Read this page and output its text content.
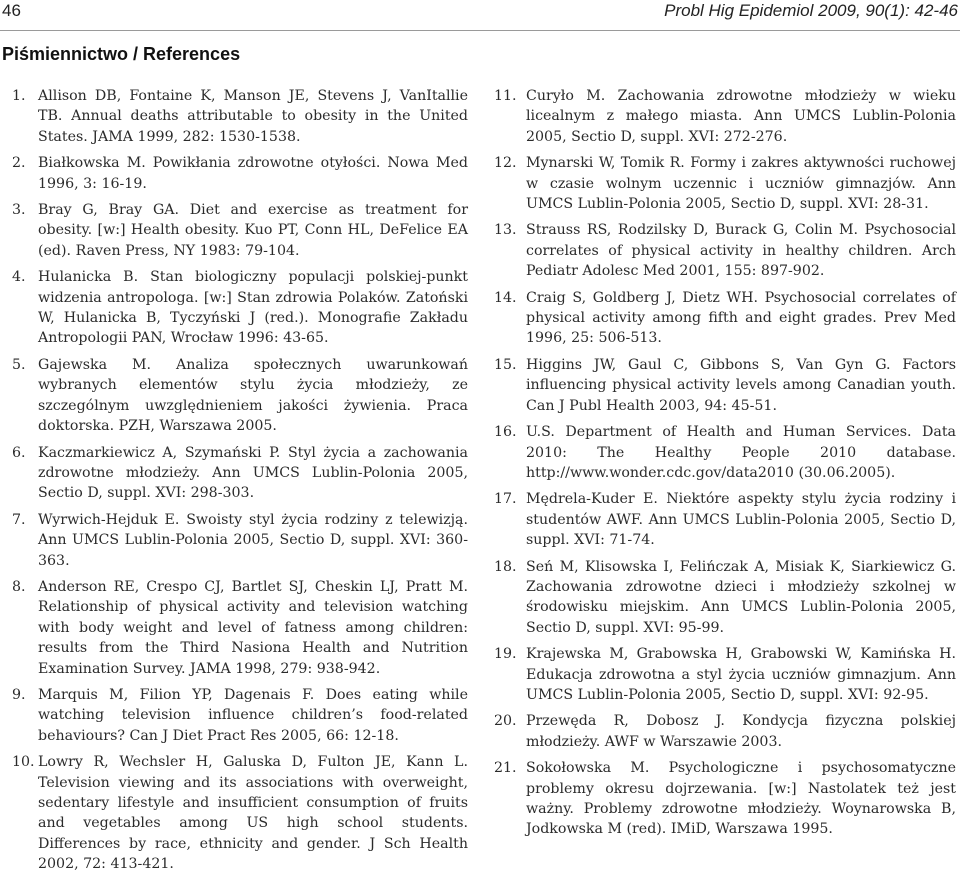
46	Probl Hig Epidemiol 2009, 90(1): 42-46
Piśmiennictwo / References
1. Allison DB, Fontaine K, Manson JE, Stevens J, VanItallie TB. Annual deaths attributable to obesity in the United States. JAMA 1999, 282: 1530-1538.
2. Białkowska M. Powikłania zdrowotne otyłości. Nowa Med 1996, 3: 16-19.
3. Bray G, Bray GA. Diet and exercise as treatment for obesity. [w:] Health obesity. Kuo PT, Conn HL, DeFelice EA (ed). Raven Press, NY 1983: 79-104.
4. Hulanicka B. Stan biologiczny populacji polskiej-punkt widzenia antropologa. [w:] Stan zdrowia Polaków. Zatoński W, Hulanicka B, Tyczyński J (red.). Monografie Zakładu Antropologii PAN, Wrocław 1996: 43-65.
5. Gajewska M. Analiza społecznych uwarunkowań wybranych elementów stylu życia młodzieży, ze szczególnym uwzględnieniem jakości żywienia. Praca doktorska. PZH, Warszawa 2005.
6. Kaczmarkiewicz A, Szymański P. Styl życia a zachowania zdrowotne młodzieży. Ann UMCS Lublin-Polonia 2005, Sectio D, suppl. XVI: 298-303.
7. Wyrwich-Hejduk E. Swoisty styl życia rodziny z telewizją. Ann UMCS Lublin-Polonia 2005, Sectio D, suppl. XVI: 360-363.
8. Anderson RE, Crespo CJ, Bartlet SJ, Cheskin LJ, Pratt M. Relationship of physical activity and television watching with body weight and level of fatness among children: results from the Third Nasiona Health and Nutrition Examination Survey. JAMA 1998, 279: 938-942.
9. Marquis M, Filion YP, Dagenais F. Does eating while watching television influence children’s food-related behaviours? Can J Diet Pract Res 2005, 66: 12-18.
10. Lowry R, Wechsler H, Galuska D, Fulton JE, Kann L. Television viewing and its associations with overweight, sedentary lifestyle and insufficient consumption of fruits and vegetables among US high school students. Differences by race, ethnicity and gender. J Sch Health 2002, 72: 413-421.
11. Curyło M. Zachowania zdrowotne młodzieży w wieku licealnym z małego miasta. Ann UMCS Lublin-Polonia 2005, Sectio D, suppl. XVI: 272-276.
12. Mynarski W, Tomik R. Formy i zakres aktywności ruchowej w czasie wolnym uczennic i uczniów gimnazjów. Ann UMCS Lublin-Polonia 2005, Sectio D, suppl. XVI: 28-31.
13. Strauss RS, Rodzilsky D, Burack G, Colin M. Psychosocial correlates of physical activity in healthy children. Arch Pediatr Adolesc Med 2001, 155: 897-902.
14. Craig S, Goldberg J, Dietz WH. Psychosocial correlates of physical activity among fifth and eight grades. Prev Med 1996, 25: 506-513.
15. Higgins JW, Gaul C, Gibbons S, Van Gyn G. Factors influencing physical activity levels among Canadian youth. Can J Publ Health 2003, 94: 45-51.
16. U.S. Department of Health and Human Services. Data 2010: The Healthy People 2010 database. http://www.wonder.cdc.gov/data2010 (30.06.2005).
17. Mędrela-Kuder E. Niektóre aspekty stylu życia rodziny i studentów AWF. Ann UMCS Lublin-Polonia 2005, Sectio D, suppl. XVI: 71-74.
18. Seń M, Klisowska I, Felińczak A, Misiak K, Siarkiewicz G. Zachowania zdrowotne dzieci i młodzieży szkolnej w środowisku miejskim. Ann UMCS Lublin-Polonia 2005, Sectio D, suppl. XVI: 95-99.
19. Krajewska M, Grabowska H, Grabowski W, Kamińska H. Edukacja zdrowotna a styl życia uczniów gimnazjum. Ann UMCS Lublin-Polonia 2005, Sectio D, suppl. XVI: 92-95.
20. Przewęda R, Dobosz J. Kondycja fizyczna polskiej młodzieży. AWF w Warszawie 2003.
21. Sokołowska M. Psychologiczne i psychosomatyczne problemy okresu dojrzewania. [w:] Nastolatek też jest ważny. Problemy zdrowotne młodzieży. Woynarowska B, Jodkowska M (red). IMiD, Warszawa 1995.
